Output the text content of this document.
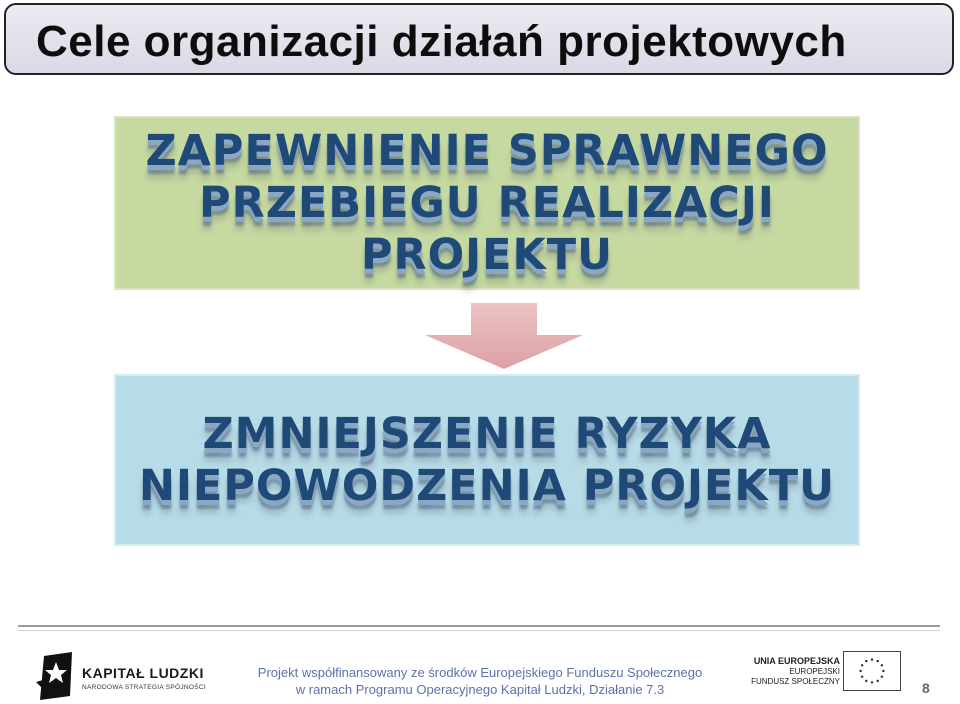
Cele organizacji działań projektowych
ZAPEWNIENIE SPRAWNEGO
PRZEBIEGU REALIZACJI
PROJEKTU
ZMNIEJSZENIE RYZYKA
NIEPOWODZENIA PROJEKTU
KAPITAŁ LUDZKI
NARODOWA STRATEGIA SPÓJNOŚCI
Projekt współfinansowany ze środków Europejskiego Funduszu Społecznego
w ramach Programu Operacyjnego Kapitał Ludzki, Działanie 7.3
UNIA EUROPEJSKA
EUROPEJSKI
FUNDUSZ SPOŁECZNY	8
